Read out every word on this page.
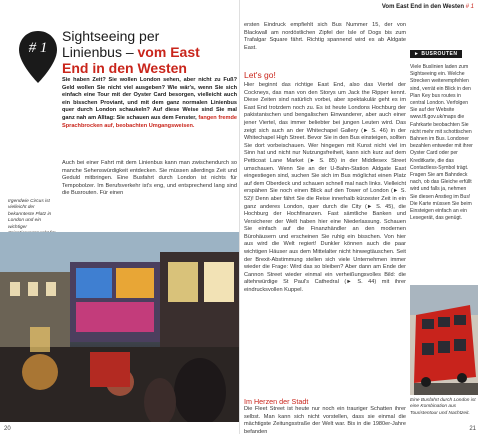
# 1
Sightseeing per
Linienbus – vom East
End in den Westen
Sie haben Zeit? Sie wollen London sehen, aber nicht zu Fuß? Geld wollen Sie nicht viel ausgeben? Wie wär's, wenn Sie sich einfach eine Tour mit der Oyster Card besorgen, vielleicht auch ein bisschen Proviant, und mit dem ganz normalen Linienbus quer durch London schaukeln? Auf diese Weise sind Sie mal ganz nah am Alltag: Sie schauen aus dem Fenster, fangen fremde Sprachbrocken auf, beobachten Umgangsweisen.
Auch bei einer Fahrt mit dem Linienbus kann man zwischendurch so manche Sehenswürdigkeit entdecken. Sie müssen allerdings Zeit und Geduld mitbringen. Eine Busfahrt durch London ist nichts für Tempobolzer. Im Berufsverkehr ist's eng, und entsprechend lang sind die Busrouten. Für einen
Irgendwie Circus ist vielleicht der bekannteste Platz in London und ein wichtiger
20
Vom East End in den Westen # 1
ersten Eindruck empfiehlt sich Bus Nummer 15, der von Blackwall am nordöstlichen Zipfel der Isle of Dogs bis zum Trafalgar Square fährt. Richtig spannend wird es ab Aldgate East.
Let's go!
Hier beginnt das richtige East End, also das Viertel der Cockneys, das man von den Storys um Jack the Ripper kennt. Diese Zeiten sind natürlich vorbei, aber spektakulär geht es im East End trotzdem noch zu. Es ist heute Londons Hochburg der pakistanischen und bengalischen Einwanderer, aber auch einer jener Viertel, das immer beliebter bei jungen Leuten wird. Das zeigt sich auch an der Whitechapel Gallery (► S. 46) in der Whitechapel High Street. Bevor Sie in den Bus einsteigen, sollten Sie dort vorbeischauen. Wer hingegen mit Kunst nicht viel im Sinn hat und nicht nur Nutzungsfreiheit, kann sich kurz auf dem Petticoat Lane Market (► S. 85) in der Middlesex Street umschauen. Wenn Sie an der U-Bahn-Station Aldgate East eingestiegen sind, suchen Sie sich im Bus möglichst einen Platz auf dem Oberdeck und schauen schnell mal nach links. Vielleicht erspähen Sie noch einen Blick auf den Tower of London (► S. 52)! Denn aber fährt Sie die Reise innerhalb kürzester Zeit in ein ganz anderes London, quer durch die City (► S. 45), die Hochburg der Hochfinanzen. Fast sämtliche Banken und Versicherer der Welt haben hier eine Niederlassung. Schauen Sie einfach auf die Finanzhändler an den modernen Bürohäusern und erscheinen Sie ruhig ein bisschen. Von hier aus wird die Welt regiert! Dunkler können auch die paar wichtigen Häuser aus dem Mittelalter nicht hinwegtäuschen. Seit der Brexit-Abstimmung stellen sich viele Unternehmen immer wieder die Frage: Wird das so bleiben? Aber dann am Ende der Cannon Street wieder einmal ein verheißungsvolles Bild: die altehrwürdige St Paul's Cathedral (► S. 44) mit ihrer eindrucksvollen Kuppel.
Im Herzen der Stadt
Die Fleet Street ist heute nur noch ein trauriger Schatten ihrer selbst. Man kann sich nicht vorstellen, dass sie einmal die mächtigste Zeitungsstraße der Welt war. Bis in die 1980er-Jahre befanden
► BUSROUTEN
Viele Buslinien laden zum Sightseeing ein. Welche Strecken weiterempfehlen sind, verrät ein Blick in den Plan Key bus routes in central London. Verfolgen Sie auf der Website www.tfl.gov.uk/maps die Fahrkarte beobachten Sie nicht mehr mit schottischen Bahnen im Bus. Londoner bezahlen entweder mit ihrer Oyster Card oder per Kreditkarte, die das Contactless-Symbol trägt. Fragen Sie am Bahndeck nach, ob das Gleiche erfüllt wird und falls ja, nehmen Sie diesen Anstieg im Bus! Die Karte müssen Sie beim Einsteigen einfach an ein Lesegerät, das genügt.
Eine Busfahrt durch London ist eine Kombination aus Touristentour und Nachtzeit.
21
